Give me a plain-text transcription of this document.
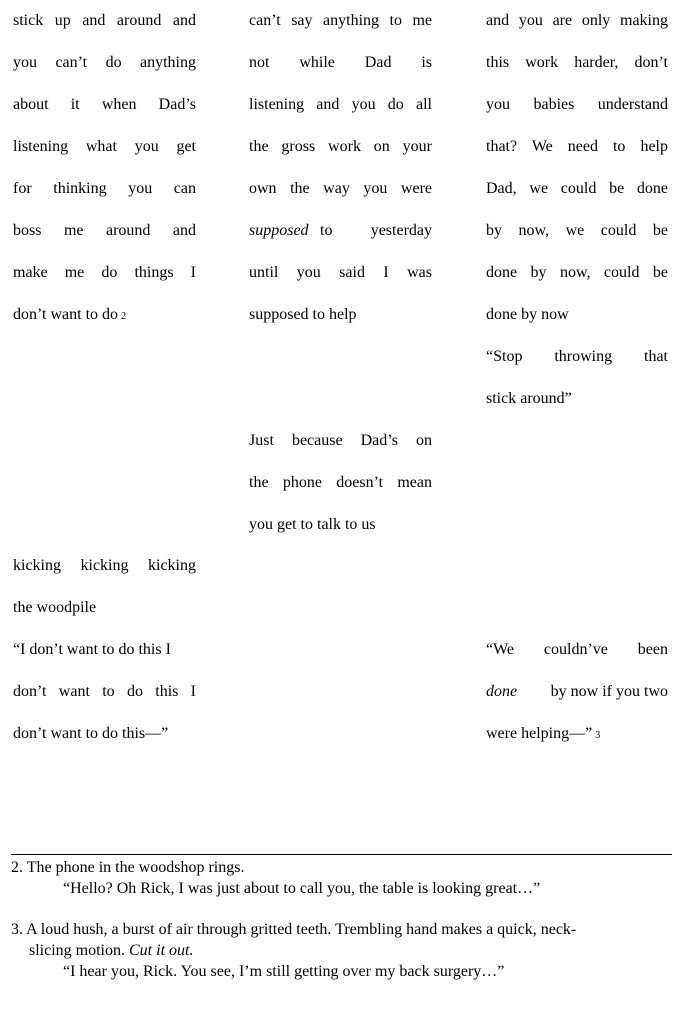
stick up and around and
you can’t do anything
about it when Dad’s
listening what you get
for thinking you can
boss me around and
make me do things I
don’t want to do 2
kicking kicking kicking
the woodpile
“I don’t want to do this I
don’t want to do this I
don’t want to do this—”
can’t say anything to me
not while Dad is
listening and you do all
the gross work on your
own the way you were
supposed to yesterday
until you said I was
supposed to help
Just because Dad’s on
the phone doesn’t mean
you get to talk to us
and you are only making
this work harder, don’t
you babies understand
that? We need to help
Dad, we could be done
by now, we could be
done by now, could be
done by now
“Stop throwing that
stick around”
“We couldn’ve been
done by now if you two
were helping—” 3
2. The phone in the woodshop rings.
“Hello? Oh Rick, I was just about to call you, the table is looking great…”
3. A loud hush, a burst of air through gritted teeth. Trembling hand makes a quick, neck-
slicing motion. Cut it out.
“I hear you, Rick. You see, I’m still getting over my back surgery…”
